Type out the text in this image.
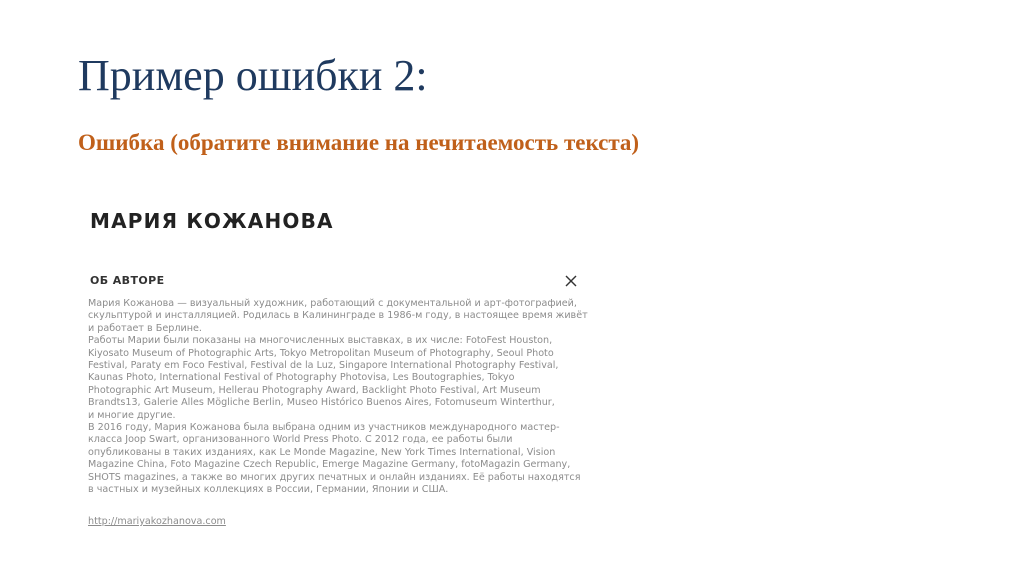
Пример ошибки 2:
Ошибка (обратите внимание на нечитаемость текста)
МАРИЯ КОЖАНОВА
ОБ АВТОРЕ

Мария Кожанова — визуальный художник, работающий с документальной и арт-фотографией,
скульптурой и инсталляцией. Родилась в Калининграде в 1986-м году, в настоящее время живёт
и работает в Берлине.
Работы Марии были показаны на многочисленных выставках, в их числе: FotoFest Houston,
Kiyosato Museum of Photographic Arts, Tokyo Metropolitan Museum of Photography, Seoul Photo
Festival, Paraty em Foco Festival, Festival de la Luz, Singapore International Photography Festival,
Kaunas Photo, International Festival of Photography Photovisa, Les Boutographies, Tokyo
Photographic Art Museum, Hellerau Photography Award, Backlight Photo Festival, Art Museum
Brandts13, Galerie Alles Mögliche Berlin, Museo Histórico Buenos Aires, Fotomuseum Winterthur,
и многие другие.
В 2016 году, Мария Кожанова была выбрана одним из участников международного мастер-
класса Joop Swart, организованного World Press Photo. С 2012 года, ее работы были
опубликованы в таких изданиях, как Le Monde Magazine, New York Times International, Vision
Magazine China, Foto Magazine Czech Republic, Emerge Magazine Germany, fotoMagazin Germany,
SHOTS magazines, а также во многих других печатных и онлайн изданиях. Её работы находятся
в частных и музейных коллекциях в России, Германии, Японии и США.

http://mariyakozhanova.com
